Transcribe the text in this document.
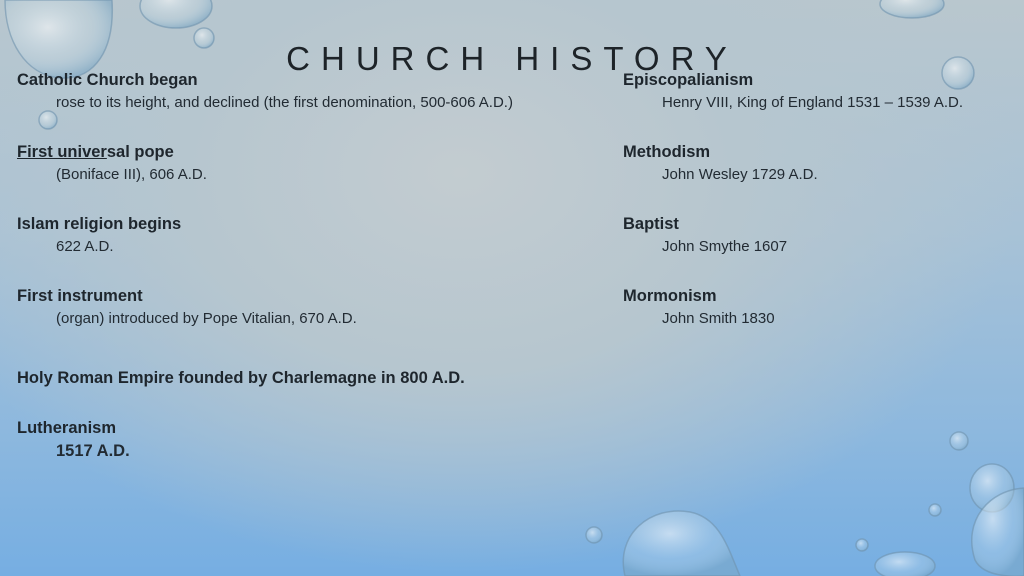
CHURCH HISTORY
Catholic Church began
rose to its height, and declined (the first denomination, 500-606 A.D.)
First universal pope
(Boniface III), 606 A.D.
Islam religion begins
622 A.D.
First instrument
(organ) introduced by Pope Vitalian, 670 A.D.
Holy Roman Empire founded by Charlemagne in 800 A.D.
Lutheranism
1517 A.D.
Episcopalianism
Henry VIII, King of England 1531 – 1539 A.D.
Methodism
John Wesley 1729 A.D.
Baptist
John Smythe 1607
Mormonism
John Smith 1830
